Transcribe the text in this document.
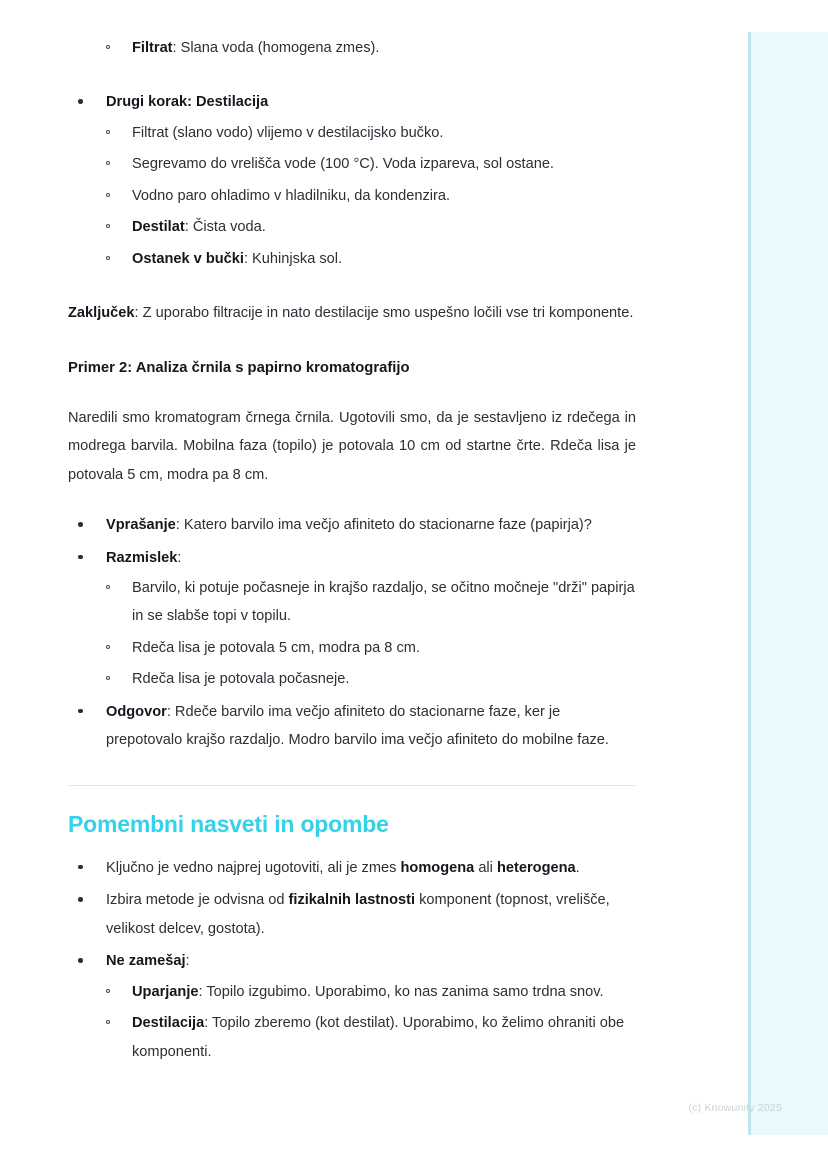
Filtrat: Slana voda (homogena zmes).
Drugi korak: Destilacija
Filtrat (slano vodo) vlijemo v destilacijsko bučko.
Segrevamo do vrelišča vode (100 °C). Voda izpareva, sol ostane.
Vodno paro ohladimo v hladilniku, da kondenzira.
Destilat: Čista voda.
Ostanek v bučki: Kuhinjska sol.

Zaključek: Z uporabo filtracije in nato destilacije smo uspešno ločili vse tri komponente.

Primer 2: Analiza črnila s papirno kromatografijo

Naredili smo kromatogram črnega črnila. Ugotovili smo, da je sestavljeno iz rdečega in modrega barvila. Mobilna faza (topilo) je potovala 10 cm od startne črte. Rdeča lisa je potovala 5 cm, modra pa 8 cm.

Vprašanje: Katero barvilo ima večjo afiniteto do stacionarne faze (papirja)?
Razmislek:
Barvilo, ki potuje počasneje in krajšo razdaljo, se očitno močneje "drži" papirja in se slabše topi v topilu.
Rdeča lisa je potovala 5 cm, modra pa 8 cm.
Rdeča lisa je potovala počasneje.
Odgovor: Rdeče barvilo ima večjo afiniteto do stacionarne faze, ker je prepotovalo krajšo razdaljo. Modro barvilo ima večjo afiniteto do mobilne faze.
Pomembni nasveti in opombe
Ključno je vedno najprej ugotoviti, ali je zmes homogena ali heterogena.
Izbira metode je odvisna od fizikalnih lastnosti komponent (topnost, vrelišče, velikost delcev, gostota).
Ne zamešaj:
Uparjanje: Topilo izgubimo. Uporabimo, ko nas zanima samo trdna snov.
Destilacija: Topilo zberemo (kot destilat). Uporabimo, ko želimo ohraniti obe komponenti.
(c) Knowunity 2025
